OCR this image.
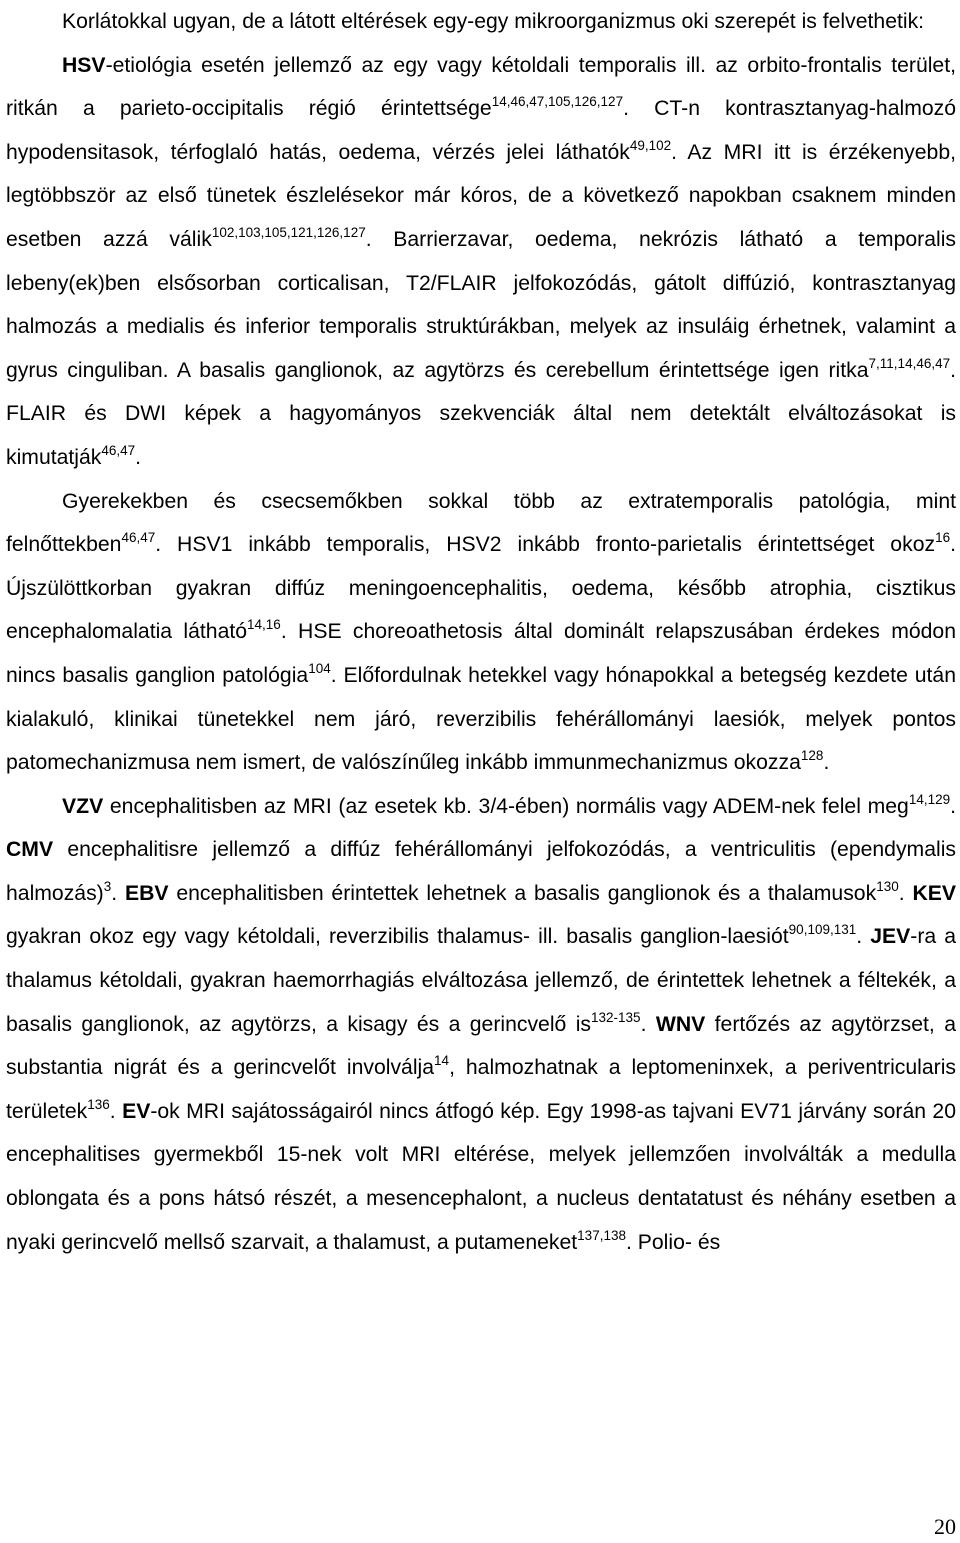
Korlátokkal ugyan, de a látott eltérések egy-egy mikroorganizmus oki szerepét is felvethetik:

HSV-etiológia esetén jellemző az egy vagy kétoldali temporalis ill. az orbito-frontalis terület, ritkán a parieto-occipitalis régió érintettsége$^{14,46,47,105,126,127}$. CT-n kontrasztanyag-halmozó hypodensitasok, térfoglaló hatás, oedema, vérzés jelei láthatók$^{49,102}$. Az MRI itt is érzékenyebb, legtöbbször az első tünetek észlelésekor már kóros, de a következő napokban csaknem minden esetben azzá válik$^{102,103,105,121,126,127}$. Barrierzavar, oedema, nekrózis látható a temporalis lebeny(ek)ben elsősorban corticalisan, T2/FLAIR jelfokozódás, gátolt diffúzió, kontrasztanyag halmozás a medialis és inferior temporalis struktúrákban, melyek az insuláig érhetnek, valamint a gyrus cinguliban. A basalis ganglionok, az agytörzs és cerebellum érintettsége igen ritka$^{7,11,14,46,47}$. FLAIR és DWI képek a hagyományos szekvenciák által nem detektált elváltozásokat is kimutatják$^{46,47}$.

Gyerekekben és csecsemőkben sokkal több az extratemporalis patológia, mint felnőttekben$^{46,47}$. HSV1 inkább temporalis, HSV2 inkább fronto-parietalis érintettséget okoz$^{16}$. Újszülöttkorban gyakran diffúz meningoencephalitis, oedema, később atrophia, cisztikus encephalomalatia látható$^{14,16}$. HSE choreoathetosis által dominált relapszusában érdekes módon nincs basalis ganglion patológia$^{104}$. Előfordulnak hetekkel vagy hónapokkal a betegség kezdete után kialakuló, klinikai tünetekkel nem járó, reverzibilis fehérállományi laesiók, melyek pontos patomechanizmusa nem ismert, de valószínűleg inkább immunmechanizmus okozza$^{128}$.

VZV encephalitisben az MRI (az esetek kb. 3/4-ében) normális vagy ADEM-nek felel meg$^{14,129}$. CMV encephalitisre jellemző a diffúz fehérállományi jelfokozódás, a ventriculitis (ependymalis halmozás)$^3$. EBV encephalitisben érintettek lehetnek a basalis ganglionok és a thalamusok$^{130}$. KEV gyakran okoz egy vagy kétoldali, reverzibilis thalamus- ill. basalis ganglion-laesiót$^{90,109,131}$. JEV-ra a thalamus kétoldali, gyakran haemorrhagiás elváltozása jellemző, de érintettek lehetnek a féltekék, a basalis ganglionok, az agytörzs, a kisagy és a gerincvelő $is^{132-135}$. WNV fertőzés az agytörzset, a substantia nigrát és a gerincvelőt involválja$^{14}$, halmozhatnak a leptomeninxek, a periventricularis területek$^{136}$. EV-ok MRI sajátosságairól nincs átfogó kép. Egy 1998-as tajvani EV71 járvány során 20 encephalitises gyermekből 15-nek volt MRI eltérése, melyek jellemzően involválták a medulla oblongata és a pons hátsó részét, a mesencephalont, a nucleus dentatatust és néhány esetben a nyaki gerincvelő mellső szarvait, a thalamust, a putameneket$^{137,138}$. Polio- és

20
